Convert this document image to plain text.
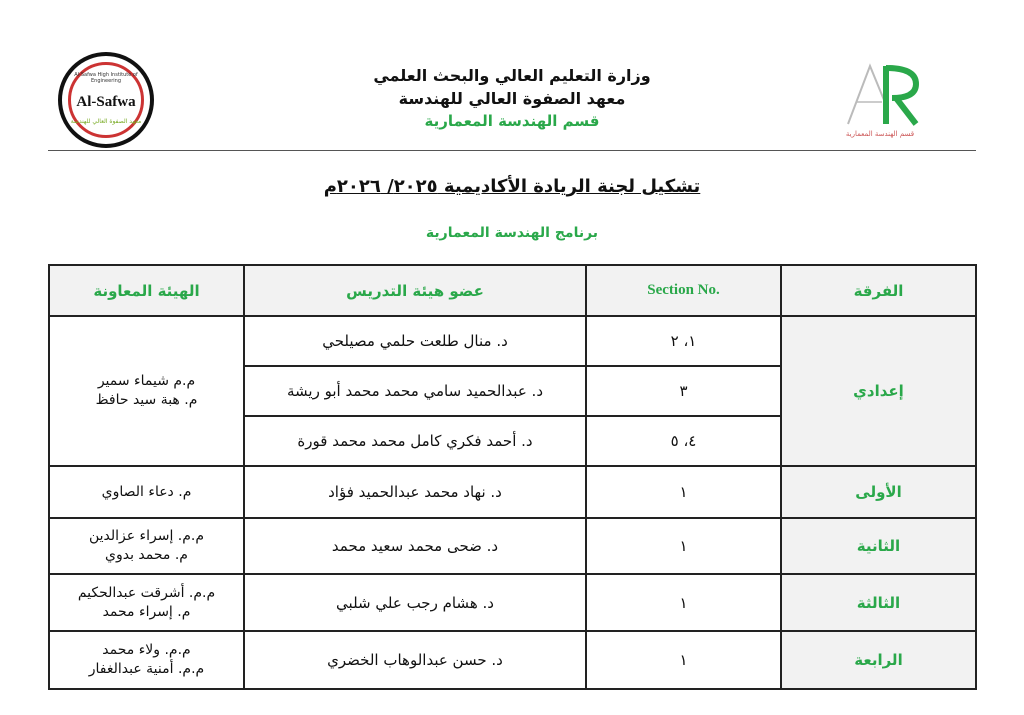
Al-Safwa High Institute of Engineering
Al-Safwa
معهد الصفوة العالي للهندسة
وزارة التعليم العالي والبحث العلمي
معهد الصفوة العالي للهندسة
قسم الهندسة المعمارية
قسم الهندسة المعمارية
تشكيل لجنة الريادة الأكاديمية ٢٠٢٥/ ٢٠٢٦م
برنامج الهندسة المعمارية
الهيئة المعاونة	عضو هيئة التدريس	Section No.	الفرقة

م.م شيماء سمير
م. هبة سيد حافظ	د. منال طلعت حلمي مصيلحي	١، ٢	إعدادي
	د. عبدالحميد سامي محمد محمد أبو ريشة	٣	
	د. أحمد فكري كامل محمد محمد قورة	٤، ٥	

م. دعاء الصاوي	د. نهاد محمد عبدالحميد فؤاد	١	الأولى

م.م. إسراء عزالدين
م. محمد بدوي	د. ضحى محمد سعيد محمد	١	الثانية

م.م. أشرقت عبدالحكيم
م. إسراء محمد	د. هشام رجب علي شلبي	١	الثالثة

م.م. ولاء محمد
م.م. أمنية عبدالغفار	د. حسن عبدالوهاب الخضري	١	الرابعة
